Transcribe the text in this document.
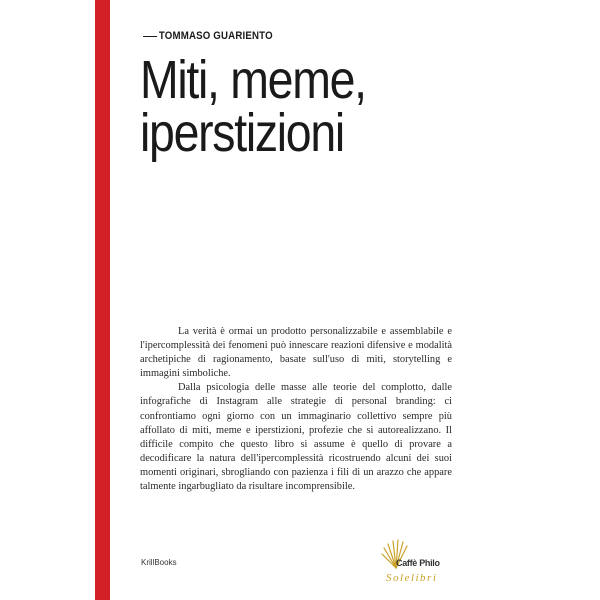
TOMMASO GUARIENTO
Miti, meme,
iperstizioni

La verità è ormai un prodotto personalizzabile e assemblabile e l'ipercomplessità dei fenomeni può innescare reazioni difensive e modalità archetipiche di ragionamento, basate sull'uso di miti, storytelling e immagini simboliche.

Dalla psicologia delle masse alle teorie del complotto, dalle infografiche di Instagram alle strategie di personal branding: ci confrontiamo ogni giorno con un immaginario collettivo sempre più affollato di miti, meme e iperstizioni, profezie che si autorealizzano. Il difficile compito che questo libro si assume è quello di provare a decodificare la natura dell'ipercomplessità ricostruendo alcuni dei suoi momenti originari, sbrogliando con pazienza i fili di un arazzo che appare talmente ingarbugliato da risultare incomprensibile.

KrillBooks	Caffè Philo
Solelibri
